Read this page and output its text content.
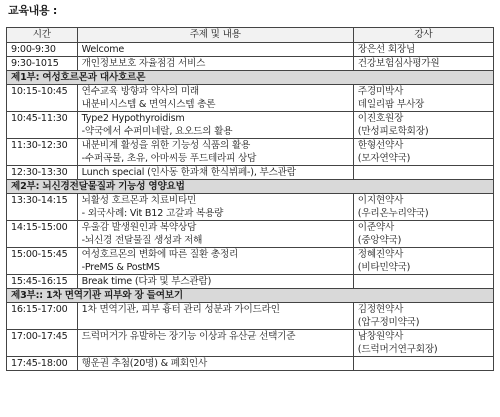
교육내용 :
시간	주제 및 내용	강사
9:00-9:30	Welcome	장은선 회장님

9:30-1015	개인정보보호 자율점검 서비스	건강보험심사평가원

제1부: 여성호르몬과 대사호르몬		
10:15-10:45	연수교육 방향과 약사의 미래
내분비시스템 & 면역시스템 총론	주경미박사
데일리팜 부사장

10:45-11:30	Type2 Hypothyroidism
-약국에서 수퍼미네랄, 요오드의 활용	이진호원장
(만성피로학회장)

11:30-12:30	내분비계 활성을 위한 기능성 식품의 활용
-수퍼곡물, 초유, 아마씨등 푸드테라피 상담	한형선약사
(모자연약국)

12:30-13:30	Lunch special (인사동 한과채 한식뷔페-), 부스관람	

제2부: 뇌신경전달물질과 기능성 영양요법		
13:30-14:15	뇌활성 호르몬과 치료비타민
- 외국사례: Vit B12 고갈과 복용량	이지현약사
(우리온누리약국)

14:15-15:00	우울감 발생원인과 복약상담
-뇌신경 전달물질 생성과 저해	이준약사
(중앙약국)

15:00-15:45	여성호르몬의 변화에 따른 질환 총정리
-PreMS & PostMS	정혜진약사
(비타민약국)

15:45-16:15	Break time (다과 및 부스관람)	

제3부:: 1차 면역기관 피부와 장 들여보기		
16:15-17:00	1차 면역기관, 피부 흉터 관리 성분과 가이드라인	김정현약사
(압구정미약국)

17:00-17:45	드럭머거가 유발하는 장기능 이상과 유산균 선택기준	남창원약사
(드럭머거연구회장)

17:45-18:00	행운권 추첨(20명) & 폐회인사	
